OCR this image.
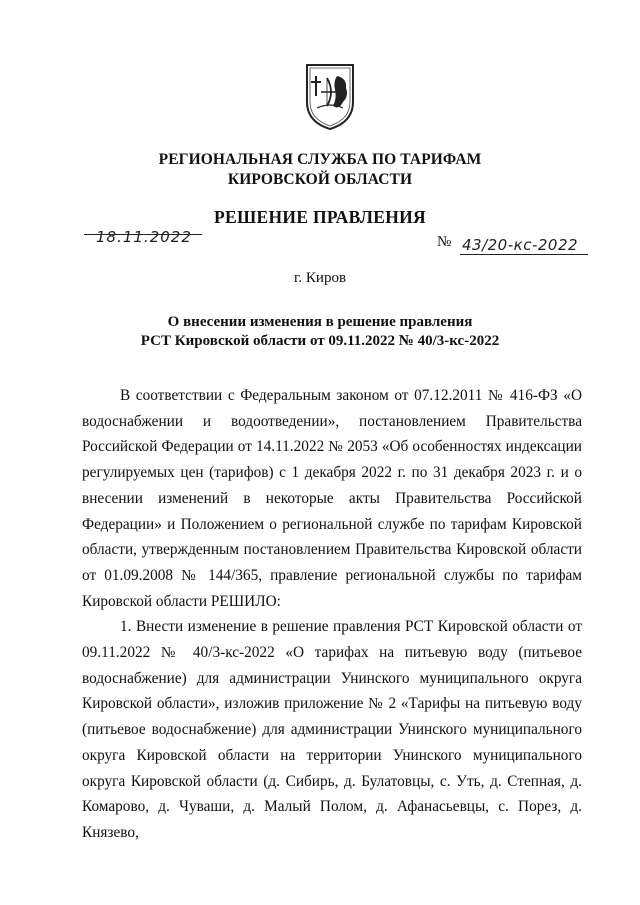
РЕГИОНАЛЬНАЯ СЛУЖБА ПО ТАРИФАМ
КИРОВСКОЙ ОБЛАСТИ
РЕШЕНИЕ ПРАВЛЕНИЯ
18.11.2022	№ 43/20-кс-2022
г. Киров
О внесении изменения в решение правления
РСТ Кировской области от 09.11.2022 № 40/3-кс-2022

В соответствии с Федеральным законом от 07.12.2011 № 416-ФЗ «О водоснабжении и водоотведении», постановлением Правительства Российской Федерации от 14.11.2022 № 2053 «Об особенностях индексации регулируемых цен (тарифов) с 1 декабря 2022 г. по 31 декабря 2023 г. и о внесении изменений в некоторые акты Правительства Российской Федерации» и Положением о региональной службе по тарифам Кировской области, утвержденным постановлением Правительства Кировской области от 01.09.2008 № 144/365, правление региональной службы по тарифам Кировской области РЕШИЛО:

1. Внести изменение в решение правления РСТ Кировской области от 09.11.2022 № 40/3-кс-2022 «О тарифах на питьевую воду (питьевое водоснабжение) для администрации Унинского муниципального округа Кировской области», изложив приложение № 2 «Тарифы на питьевую воду (питьевое водоснабжение) для администрации Унинского муниципального округа Кировской области на территории Унинского муниципального округа Кировской области (д. Сибирь, д. Булатовцы, с. Уть, д. Степная, д. Комарово, д. Чуваши, д. Малый Полом, д. Афанасьевцы, с. Порез, д. Князево,
